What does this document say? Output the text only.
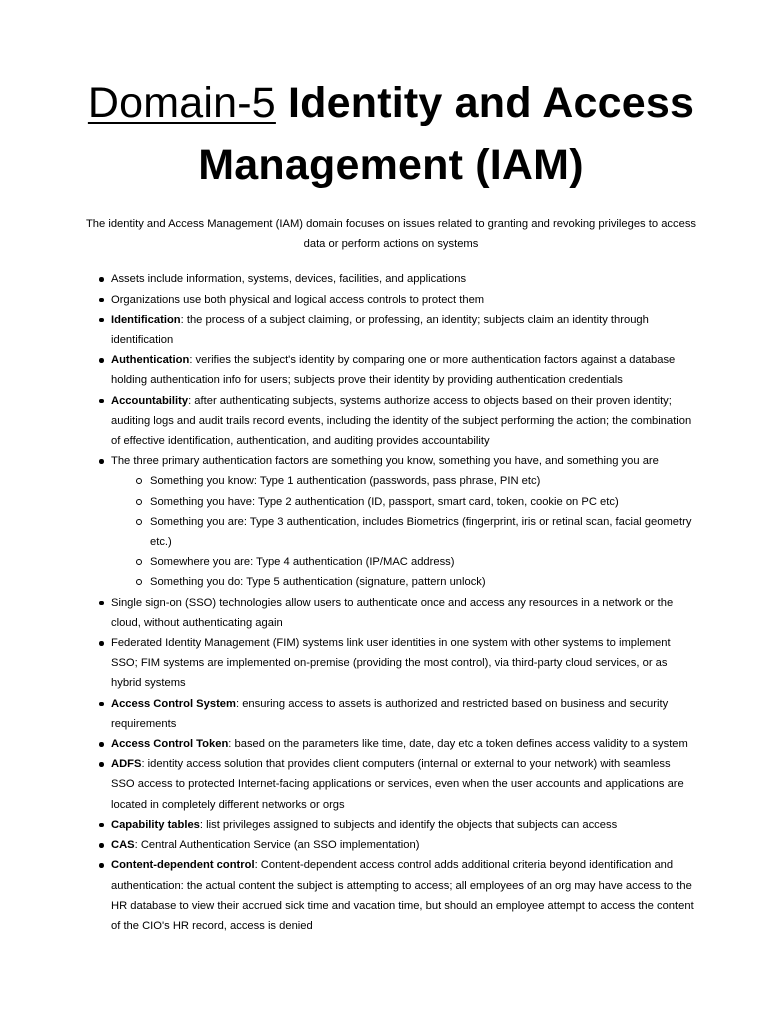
Domain-5 Identity and Access Management (IAM)

The identity and Access Management (IAM) domain focuses on issues related to granting and revoking privileges to access data or perform actions on systems

Assets include information, systems, devices, facilities, and applications
Organizations use both physical and logical access controls to protect them
Identification: the process of a subject claiming, or professing, an identity; subjects claim an identity through identification
Authentication: verifies the subject's identity by comparing one or more authentication factors against a database holding authentication info for users; subjects prove their identity by providing authentication credentials
Accountability: after authenticating subjects, systems authorize access to objects based on their proven identity; auditing logs and audit trails record events, including the identity of the subject performing the action; the combination of effective identification, authentication, and auditing provides accountability
The three primary authentication factors are something you know, something you have, and something you are
Something you know: Type 1 authentication (passwords, pass phrase, PIN etc)
Something you have: Type 2 authentication (ID, passport, smart card, token, cookie on PC etc)
Something you are: Type 3 authentication, includes Biometrics (fingerprint, iris or retinal scan, facial geometry etc.)
Somewhere you are: Type 4 authentication (IP/MAC address)
Something you do: Type 5 authentication (signature, pattern unlock)
Single sign-on (SSO) technologies allow users to authenticate once and access any resources in a network or the cloud, without authenticating again
Federated Identity Management (FIM) systems link user identities in one system with other systems to implement SSO; FIM systems are implemented on-premise (providing the most control), via third-party cloud services, or as hybrid systems
Access Control System: ensuring access to assets is authorized and restricted based on business and security requirements
Access Control Token: based on the parameters like time, date, day etc a token defines access validity to a system
ADFS: identity access solution that provides client computers (internal or external to your network) with seamless SSO access to protected Internet-facing applications or services, even when the user accounts and applications are located in completely different networks or orgs
Capability tables: list privileges assigned to subjects and identify the objects that subjects can access
CAS: Central Authentication Service (an SSO implementation)
Content-dependent control: Content-dependent access control adds additional criteria beyond identification and authentication: the actual content the subject is attempting to access; all employees of an org may have access to the HR database to view their accrued sick time and vacation time, but should an employee attempt to access the content of the CIO's HR record, access is denied
